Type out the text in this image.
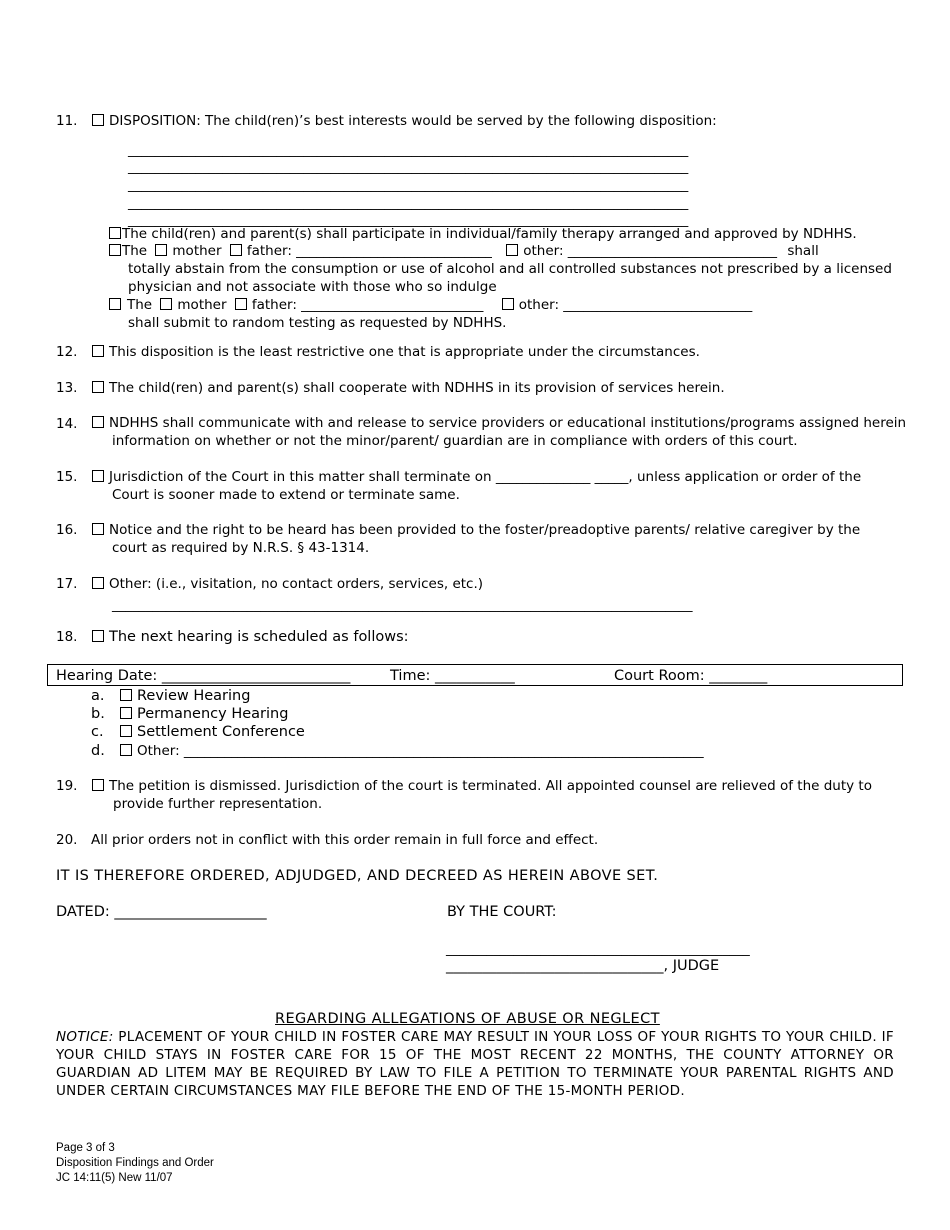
11.	DISPOSITION: The child(ren)’s best interests would be served by the following disposition:
___________________________________________________________________________________
___________________________________________________________________________________
___________________________________________________________________________________
___________________________________________________________________________________
___________________________________________________________________________________
The child(ren) and parent(s) shall participate in individual/family therapy arranged and approved by NDHHS.
The mother father: _____________________________ other: _______________________________ shall
totally abstain from the consumption or use of alcohol and all controlled substances not prescribed by a licensed
physician and not associate with those who so indulge
The mother father: ___________________________	other: ____________________________
shall submit to random testing as requested by NDHHS.
12.	This disposition is the least restrictive one that is appropriate under the circumstances.
13.	The child(ren) and parent(s) shall cooperate with NDHHS in its provision of services herein.
14.	NDHHS shall communicate with and release to service providers or educational institutions/programs assigned herein
information on whether or not the minor/parent/ guardian are in compliance with orders of this court.
15.	Jurisdiction of the Court in this matter shall terminate on ______________ _____, unless application or order of the
Court is sooner made to extend or terminate same.
16.	Notice and the right to be heard has been provided to the foster/preadoptive parents/ relative caregiver by the
court as required by N.R.S. § 43-1314.
17.	Other: (i.e., visitation, no contact orders, services, etc.)
______________________________________________________________________________________
18.	The next hearing is scheduled as follows:
Hearing Date: __________________________	Time: ___________	Court Room: ________
a. Review Hearing
b. Permanency Hearing
c. Settlement Conference
d. Other: _____________________________________________________________________________
19.	The petition is dismissed. Jurisdiction of the court is terminated. All appointed counsel are relieved of the duty to
provide further representation.
20. All prior orders not in conflict with this order remain in full force and effect.
IT IS THEREFORE ORDERED, ADJUDGED, AND DECREED AS HEREIN ABOVE SET.
DATED: _____________________	BY THE COURT:
_____________________________________________
______________________________, JUDGE
REGARDING ALLEGATIONS OF ABUSE OR NEGLECT
NOTICE: PLACEMENT OF YOUR CHILD IN FOSTER CARE MAY RESULT IN YOUR LOSS OF YOUR RIGHTS TO YOUR CHILD. IF YOUR CHILD STAYS IN FOSTER CARE FOR 15 OF THE MOST RECENT 22 MONTHS, THE COUNTY ATTORNEY OR GUARDIAN AD LITEM MAY BE REQUIRED BY LAW TO FILE A PETITION TO TERMINATE YOUR PARENTAL RIGHTS AND UNDER CERTAIN CIRCUMSTANCES MAY FILE BEFORE THE END OF THE 15-MONTH PERIOD.
Page 3 of 3
Disposition Findings and Order
JC 14:11(5) New 11/07
